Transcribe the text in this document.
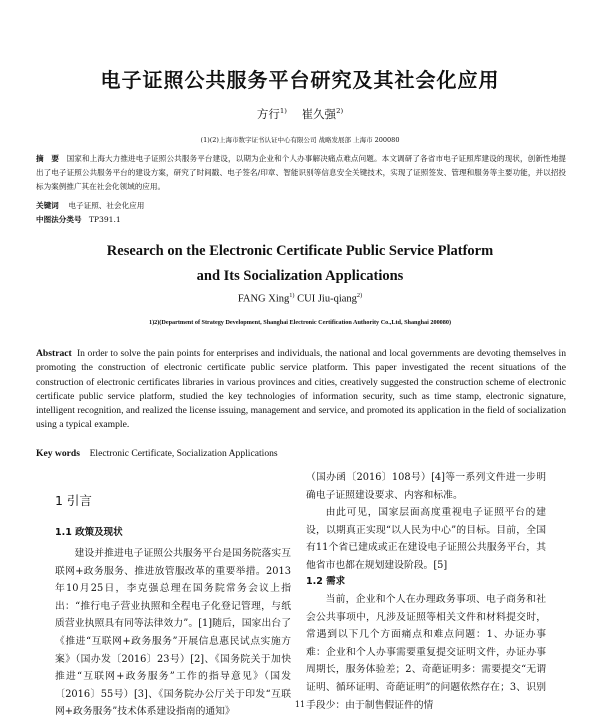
电子证照公共服务平台研究及其社会化应用
方行$^{1)}$ 崔久强$^{2)}$
(1)(2)上海市数字证书认证中心有限公司 战略发展部 上海市 200080
摘　要 国家和上海大力推进电子证照公共服务平台建设，以期为企业和个人办事解决痛点难点问题。本文调研了各省市电子证照库建设的现状，创新性地提出了电子证照公共服务平台的建设方案，研究了时间戳、电子签名/印章、智能识别等信息安全关键技术，实现了证照签发、管理和服务等主要功能，并以招投标为案例推广其在社会化领域的应用。
关键词 电子证照、社会化应用
中图法分类号 TP391.1
Research on the Electronic Certificate Public Service Platform
and Its Socialization Applications
FANG Xing$^{1)}$ CUI Jiu-qiang$^{2)}$
1)2)(Department of Strategy Development, Shanghai Electronic Certification Authority Co.,Ltd, Shanghai 200080)
Abstract In order to solve the pain points for enterprises and individuals, the national and local governments are devoting themselves in promoting the construction of electronic certificate public service platform. This paper investigated the recent situations of the construction of electronic certificates libraries in various provinces and cities, creatively suggested the construction scheme of electronic certificate public service platform, studied the key technologies of information security, such as time stamp, electronic signature, intelligent recognition, and realized the license issuing, management and service, and promoted its application in the field of socialization using a typical example.
Key words Electronic Certificate, Socialization Applications
1 引言
1.1 政策及现状

建设并推进电子证照公共服务平台是国务院落实互联网+政务服务、推进放管服改革的重要举措。2013年10月25日，李克强总理在国务院常务会议上指出：“推行电子营业执照和全程电子化登记管理，与纸质营业执照具有同等法律效力”。[1]随后，国家出台了《推进“互联网+政务服务”开展信息惠民试点实施方案》（国办发〔2016〕23号）[2]、《国务院关于加快推进“互联网+政务服务”工作的指导意见》（国发〔2016〕55号）[3]、《国务院办公厅关于印发“互联网+政务服务”技术体系建设指南的通知》

（国办函〔2016〕108号）[4]等一系列文件进一步明确电子证照建设要求、内容和标准。

由此可见，国家层面高度重视电子证照平台的建设，以期真正实现“以人民为中心”的目标。目前，全国有11个省已建成或正在建设电子证照公共服务平台，其他省市也都在规划建设阶段。[5]

1.2 需求

当前，企业和个人在办理政务事项、电子商务和社会公共事项中，凡涉及证照等相关文件和材料提交时，常遇到以下几个方面痛点和难点问题：1、办证办事难：企业和个人办事需要重复提交证明文件，办证办事周期长，服务体验差；2、奇葩证明多：需要提交“无谓证明、循环证明、奇葩证明”的问题依然存在；3、识别手段少：由于制售假证件的情

11
